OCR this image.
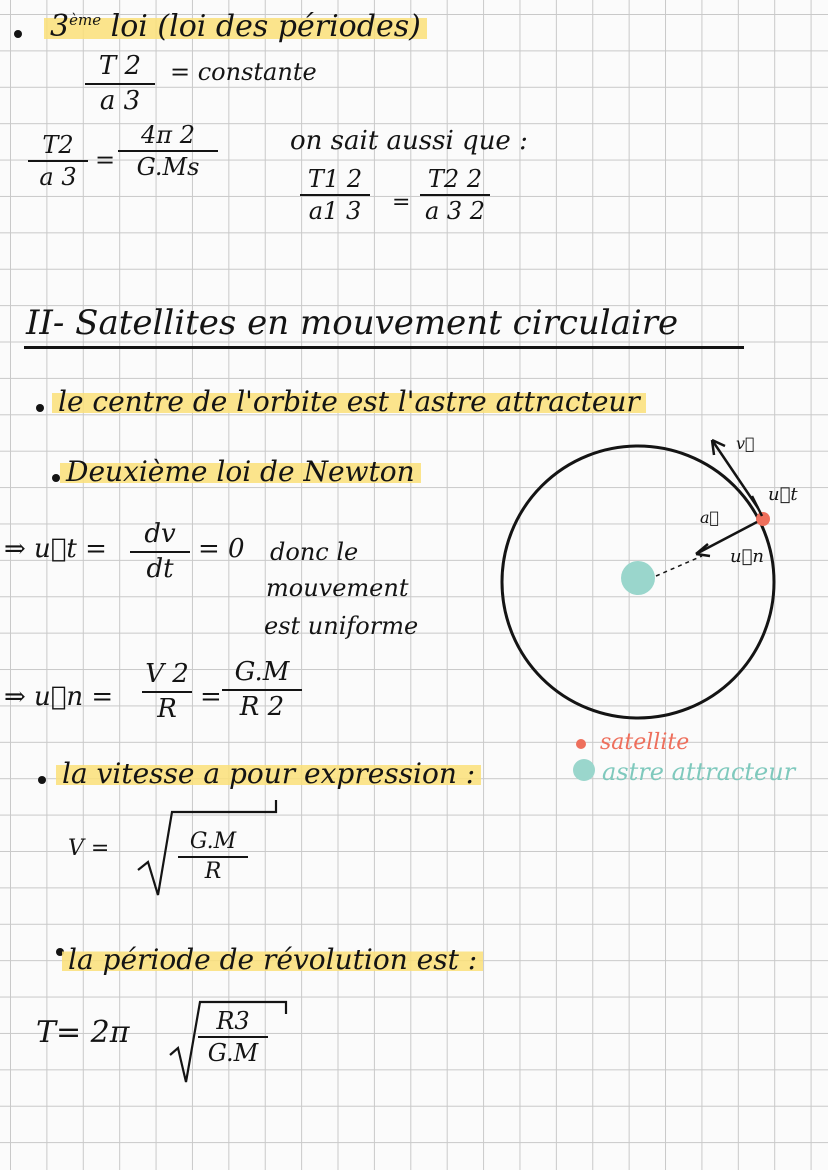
3ème loi (loi des périodes)
T 2
a 3
= constante
T2
a 3
=
4π 2
G.Ms
on sait aussi que :
T1 2
a1 3	=
T2 2
a 3 2
II- Satellites en mouvement circulaire
le centre de l'orbite est l'astre attracteur
Deuxième loi de Newton
⇒ u⃗t =	dv
dt
= 0 donc le
mouvement
est uniforme
⇒ u⃗n =
V 2
R =
G.M
R 2
la vitesse a pour expression :
V =	G.M
R
la période de révolution est :
T= 2π	R3
G.M
v⃗
u⃗t
a⃗
u⃗n
satellite
astre attracteur
